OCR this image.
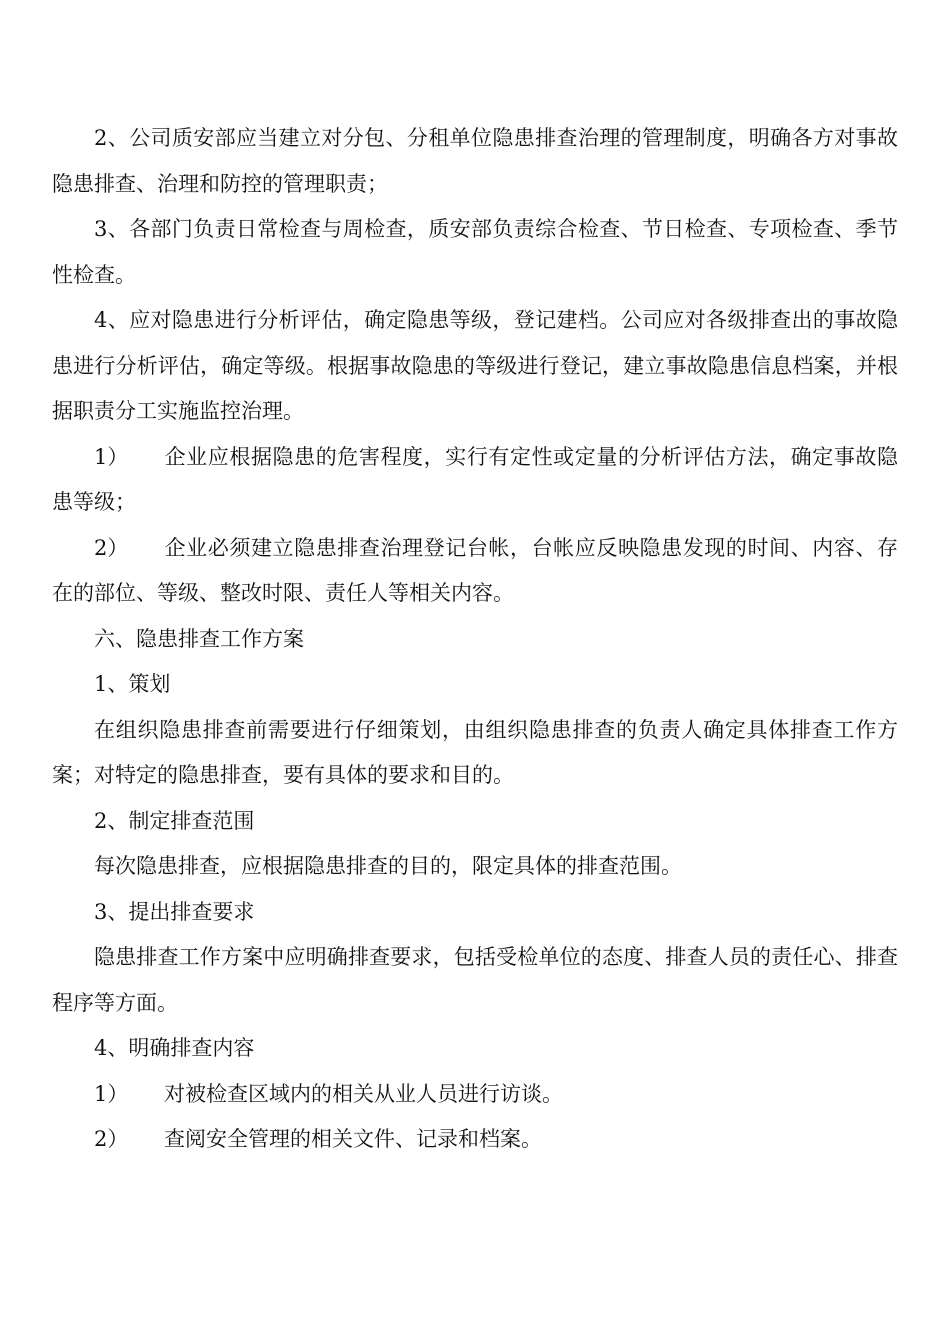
2、公司质安部应当建立对分包、分租单位隐患排查治理的管理制度，明确各方对事故隐患排查、治理和防控的管理职责；

3、各部门负责日常检查与周检查，质安部负责综合检查、节日检查、专项检查、季节性检查。

4、应对隐患进行分析评估，确定隐患等级，登记建档。公司应对各级排查出的事故隐患进行分析评估，确定等级。根据事故隐患的等级进行登记，建立事故隐患信息档案，并根据职责分工实施监控治理。

1） 企业应根据隐患的危害程度，实行有定性或定量的分析评估方法，确定事故隐患等级；

2） 企业必须建立隐患排查治理登记台帐，台帐应反映隐患发现的时间、内容、存在的部位、等级、整改时限、责任人等相关内容。

六、隐患排查工作方案

1、策划

在组织隐患排查前需要进行仔细策划，由组织隐患排查的负责人确定具体排查工作方案；对特定的隐患排查，要有具体的要求和目的。

2、制定排查范围

每次隐患排查，应根据隐患排查的目的，限定具体的排查范围。

3、提出排查要求

隐患排查工作方案中应明确排查要求，包括受检单位的态度、排查人员的责任心、排查程序等方面。

4、明确排查内容

1） 对被检查区域内的相关从业人员进行访谈。

2） 查阅安全管理的相关文件、记录和档案。
